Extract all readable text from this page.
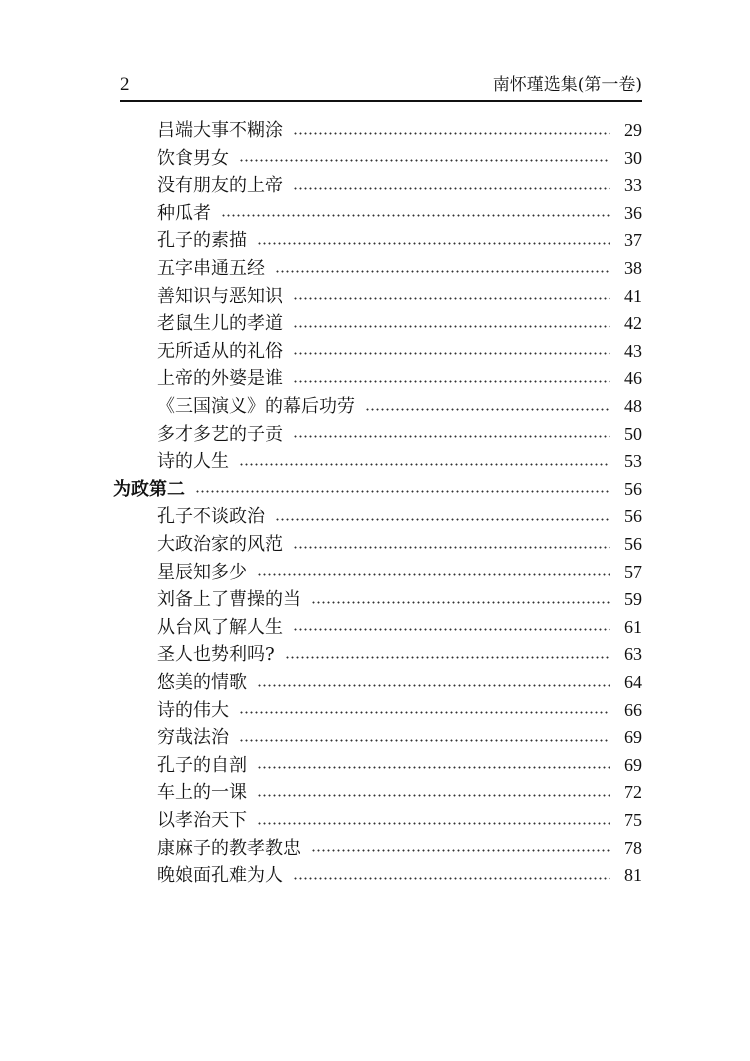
2	南怀瑾选集(第一卷)
吕端大事不糊涂	29
饮食男女	30
没有朋友的上帝	33
种瓜者	36
孔子的素描	37
五字串通五经	38
善知识与恶知识	41
老鼠生儿的孝道	42
无所适从的礼俗	43
上帝的外婆是谁	46
《三国演义》的幕后功劳	48
多才多艺的子贡	50
诗的人生	53
为政第二	56
孔子不谈政治	56
大政治家的风范	56
星辰知多少	57
刘备上了曹操的当	59
从台风了解人生	61
圣人也势利吗?	63
悠美的情歌	64
诗的伟大	66
穷哉法治	69
孔子的自剖	69
车上的一课	72
以孝治天下	75
康麻子的教孝教忠	78
晚娘面孔难为人	81
